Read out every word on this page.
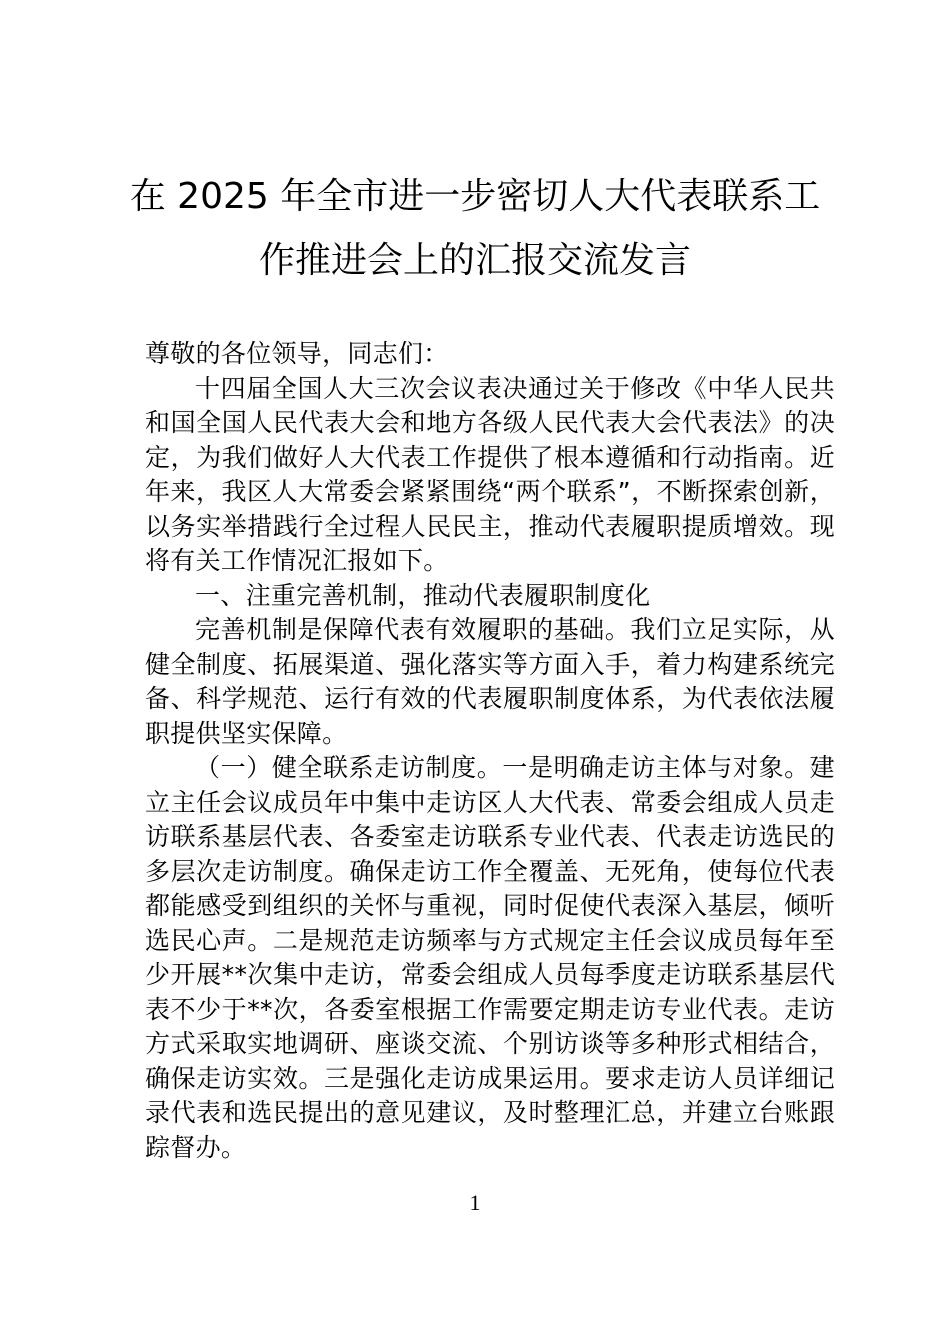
在 2025 年全市进一步密切人大代表联系工
作推进会上的汇报交流发言

尊敬的各位领导，同志们：

十四届全国人大三次会议表决通过关于修改《中华人民共和国全国人民代表大会和地方各级人民代表大会代表法》的决定，为我们做好人大代表工作提供了根本遵循和行动指南。近年来，我区人大常委会紧紧围绕“两个联系”，不断探索创新，以务实举措践行全过程人民民主，推动代表履职提质增效。现将有关工作情况汇报如下。

一、注重完善机制，推动代表履职制度化

完善机制是保障代表有效履职的基础。我们立足实际，从健全制度、拓展渠道、强化落实等方面入手，着力构建系统完备、科学规范、运行有效的代表履职制度体系，为代表依法履职提供坚实保障。

（一）健全联系走访制度。一是明确走访主体与对象。建立主任会议成员年中集中走访区人大代表、常委会组成人员走访联系基层代表、各委室走访联系专业代表、代表走访选民的多层次走访制度。确保走访工作全覆盖、无死角，使每位代表都能感受到组织的关怀与重视，同时促使代表深入基层，倾听选民心声。二是规范走访频率与方式规定主任会议成员每年至少开展**次集中走访，常委会组成人员每季度走访联系基层代表不少于**次，各委室根据工作需要定期走访专业代表。走访方式采取实地调研、座谈交流、个别访谈等多种形式相结合，确保走访实效。三是强化走访成果运用。要求走访人员详细记录代表和选民提出的意见建议，及时整理汇总，并建立台账跟踪督办。

1
